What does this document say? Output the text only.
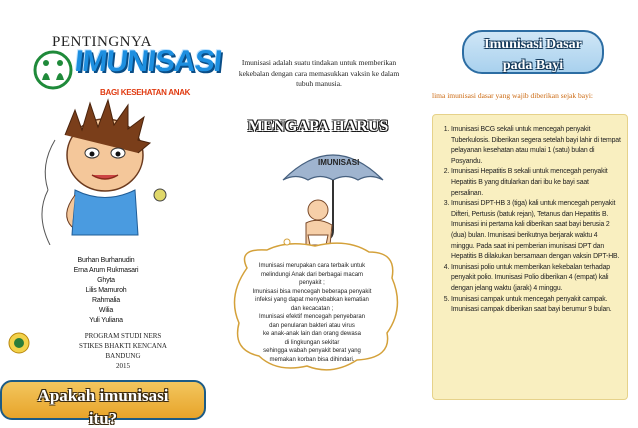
PENTINGNYA
IMUNISASI
BAGI KESEHATAN ANAK
Burhan Burhanudin
Erna Arum Rukmasari
Ghyta
Lilis Mamuroh
Rahmalia
Wilia
Yuli Yuliana
PROGRAM STUDI NERS
STIKES BHAKTI KENCANA
BANDUNG
2015
Apakah imunisasi
itu?
Imunisasi adalah suatu tindakan untuk memberikan kekebalan dengan cara memasukkan vaksin ke dalam tubuh manusia.
MENGAPA HARUS
IMUNISASI
Imunisasi merupakan cara terbaik untuk
melindungi Anak dari berbagai macam
penyakit ;
Imunisasi bisa mencegah beberapa penyakit
infeksi yang dapat menyebabkan kematian
dan kecacatan ;
Imunisasi efektif mencegah penyebaran
dan penularan bakteri atau virus
ke anak-anak lain dan orang dewasa
di lingkungan sekitar
sehingga wabah penyakit berat yang
memakan korban bisa dihindari.
Imunisasi Dasar
pada Bayi
lima imunisasi dasar yang wajib diberikan sejak bayi:
1. Imunisasi BCG sekali untuk mencegah penyakit Tuberkulosis. Diberikan segera setelah bayi lahir di tempat pelayanan kesehatan atau mulai 1 (satu) bulan di Posyandu.
2. Imunisasi Hepatitis B sekali untuk mencegah penyakit Hepatitis B yang ditularkan dari ibu ke bayi saat persalinan.
3. Imunisasi DPT-HB 3 (tiga) kali untuk mencegah penyakit Difteri, Pertusis (batuk rejan), Tetanus dan Hepatitis B. Imunisasi ini pertama kali diberikan saat bayi berusia 2 (dua) bulan. Imunisasi berikutnya berjarak waktu 4 minggu. Pada saat ini pemberian imunisasi DPT dan Hepatitis B dilakukan bersamaan dengan vaksin DPT-HB.
4. Imunisasi polio untuk memberikan kekebalan terhadap penyakit polio. Imunisasi Polio diberikan 4 (empat) kali dengan jelang waktu (jarak) 4 minggu.
5. Imunisasi campak untuk mencegah penyakit campak. Imunisasi campak diberikan saat bayi berumur 9 bulan.
